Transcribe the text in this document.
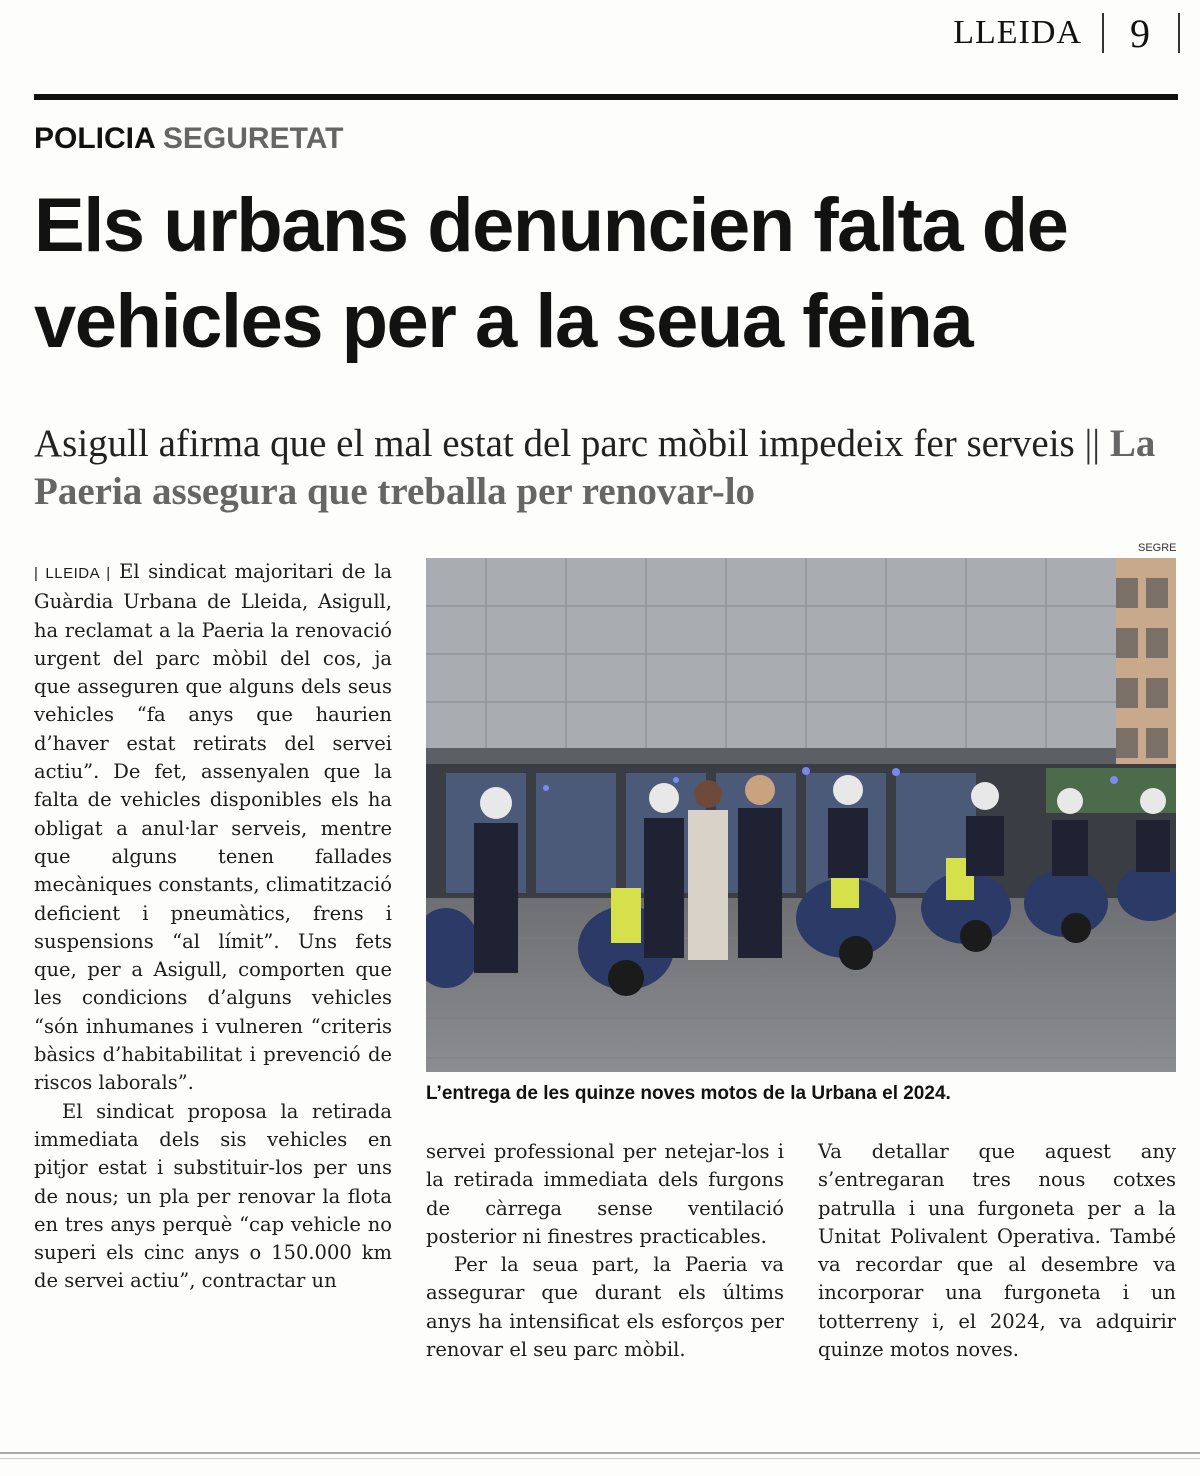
LLEIDA 9
POLICIA SEGURETAT
Els urbans denuncien falta de
vehicles per a la seua feina

Asigull afirma que el mal estat del parc mòbil impedeix fer serveis || La Paeria assegura que treballa per renovar-lo

| LLEIDA | El sindicat majoritari de la Guàrdia Urbana de Lleida, Asigull, ha reclamat a la Paeria la renovació urgent del parc mòbil del cos, ja que asseguren que alguns dels seus vehicles “fa anys que haurien d’haver estat retirats del servei actiu”. De fet, assenyalen que la falta de vehicles disponibles els ha obligat a anul·lar serveis, mentre que alguns tenen fallades mecàniques constants, climatització deficient i pneumàtics, frens i suspensions “al límit”. Uns fets que, per a Asigull, comporten que les condicions d’alguns vehicles “són inhumanes i vulneren “criteris bàsics d’habitabilitat i prevenció de riscos laborals”.

El sindicat proposa la retirada immediata dels sis vehicles en pitjor estat i substituir-los per uns de nous; un pla per renovar la flota en tres anys perquè “cap vehicle no superi els cinc anys o 150.000 km de servei actiu”, contractar un

SEGRE

L’entrega de les quinze noves motos de la Urbana el 2024.

servei professional per netejar-los i la retirada immediata dels furgons de càrrega sense ventilació posterior ni finestres practicables.

Per la seua part, la Paeria va assegurar que durant els últims anys ha intensificat els esforços per renovar el seu parc mòbil.

Va detallar que aquest any s’entregaran tres nous cotxes patrulla i una furgoneta per a la Unitat Polivalent Operativa. També va recordar que al desembre va incorporar una furgoneta i un totterreny i, el 2024, va adquirir quinze motos noves.
